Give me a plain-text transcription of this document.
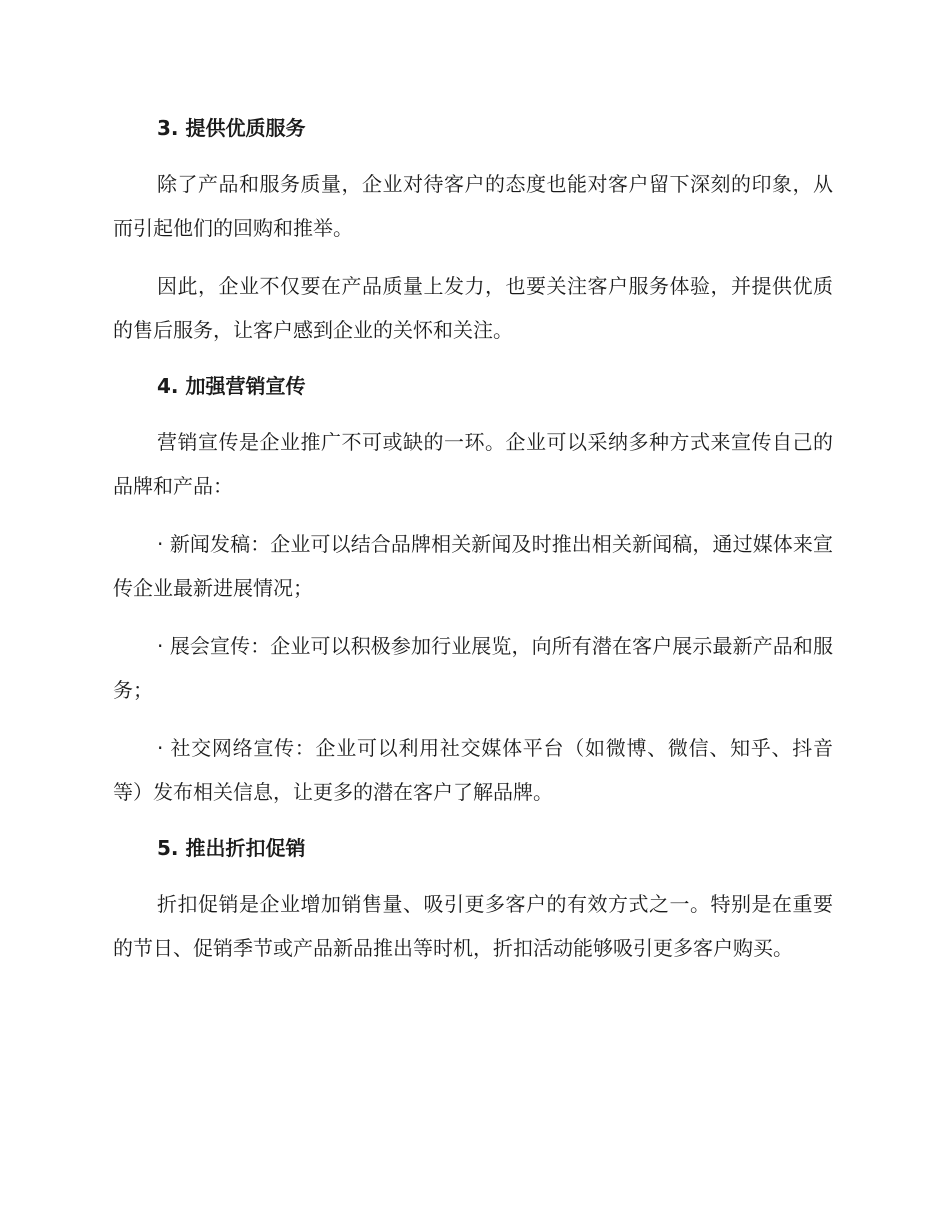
3. 提供优质服务

除了产品和服务质量，企业对待客户的态度也能对客户留下深刻的印象，从而引起他们的回购和推举。

因此，企业不仅要在产品质量上发力，也要关注客户服务体验，并提供优质的售后服务，让客户感到企业的关怀和关注。

4. 加强营销宣传

营销宣传是企业推广不可或缺的一环。企业可以采纳多种方式来宣传自己的品牌和产品：

· 新闻发稿：企业可以结合品牌相关新闻及时推出相关新闻稿，通过媒体来宣传企业最新进展情况；

· 展会宣传：企业可以积极参加行业展览，向所有潜在客户展示最新产品和服务；

· 社交网络宣传：企业可以利用社交媒体平台（如微博、微信、知乎、抖音等）发布相关信息，让更多的潜在客户了解品牌。

5. 推出折扣促销

折扣促销是企业增加销售量、吸引更多客户的有效方式之一。特别是在重要的节日、促销季节或产品新品推出等时机，折扣活动能够吸引更多客户购买。
